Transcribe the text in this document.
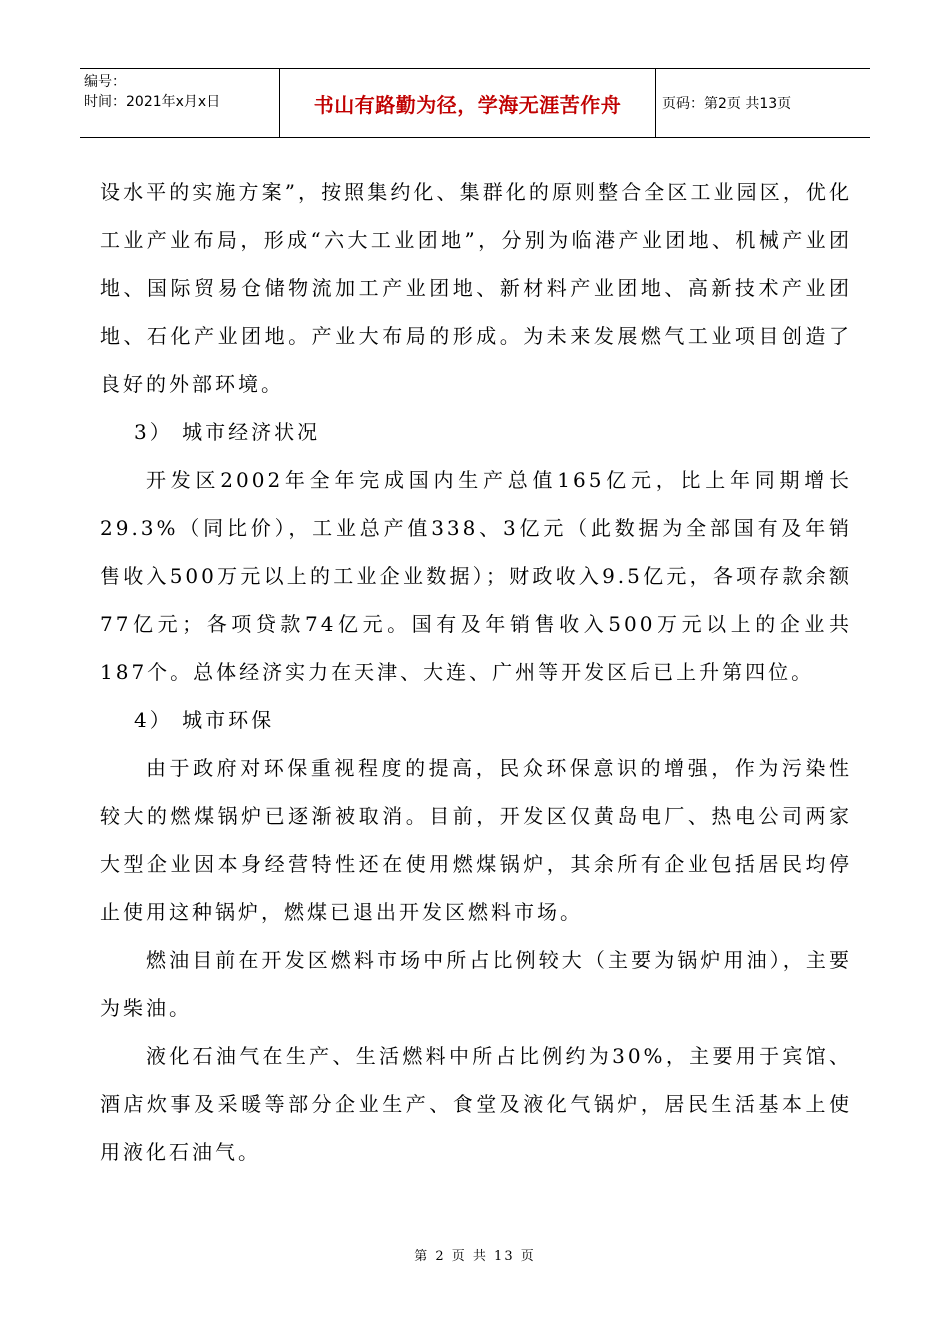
编号：
时间：2021年x月x日	书山有路勤为径，学海无涯苦作舟	页码：第2页 共13页

设水平的实施方案”，按照集约化、集群化的原则整合全区工业园区，优化工业产业布局，形成“六大工业团地”，分别为临港产业团地、机械产业团地、国际贸易仓储物流加工产业团地、新材料产业团地、高新技术产业团地、石化产业团地。产业大布局的形成。为未来发展燃气工业项目创造了良好的外部环境。

3） 城市经济状况

开发区2002年全年完成国内生产总值165亿元，比上年同期增长29.3%（同比价），工业总产值338、3亿元（此数据为全部国有及年销售收入500万元以上的工业企业数据）；财政收入9.5亿元，各项存款余额77亿元；各项贷款74亿元。国有及年销售收入500万元以上的企业共187个。总体经济实力在天津、大连、广州等开发区后已上升第四位。

4） 城市环保

由于政府对环保重视程度的提高，民众环保意识的增强，作为污染性较大的燃煤锅炉已逐渐被取消。目前，开发区仅黄岛电厂、热电公司两家大型企业因本身经营特性还在使用燃煤锅炉，其余所有企业包括居民均停止使用这种锅炉，燃煤已退出开发区燃料市场。

燃油目前在开发区燃料市场中所占比例较大（主要为锅炉用油），主要为柴油。

液化石油气在生产、生活燃料中所占比例约为30%，主要用于宾馆、酒店炊事及采暖等部分企业生产、食堂及液化气锅炉，居民生活基本上使用液化石油气。

第 2 页 共 13 页
